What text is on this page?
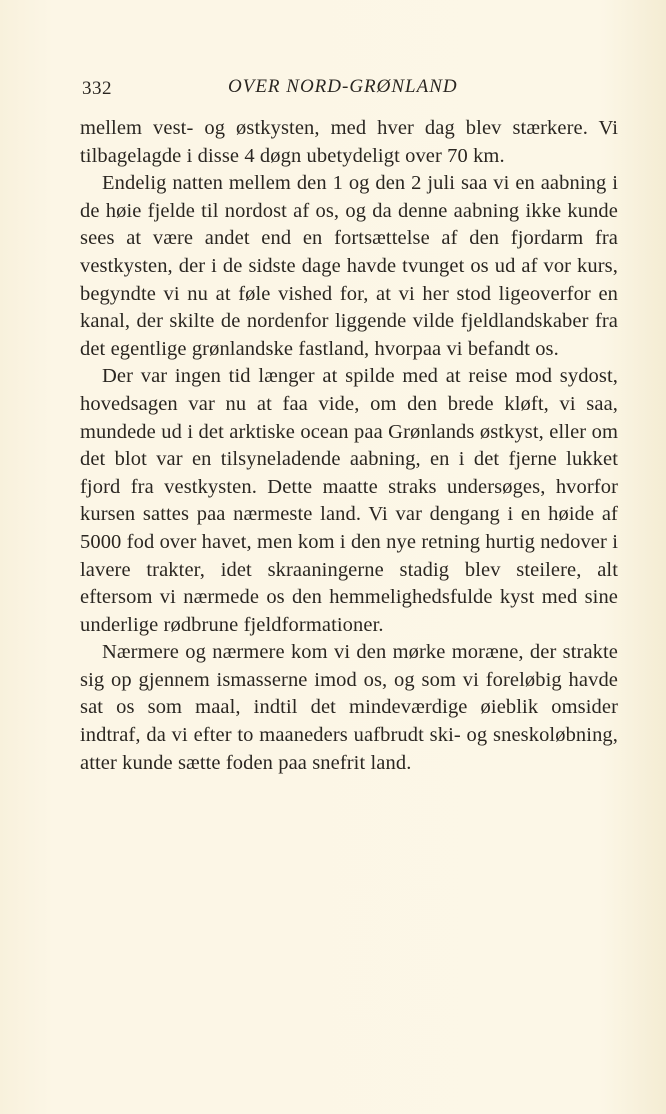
332	OVER NORD-GRØNLAND

mellem vest- og østkysten, med hver dag blev stærkere. Vi tilbagelagde i disse 4 døgn ubetydeligt over 70 km.

Endelig natten mellem den 1 og den 2 juli saa vi en aabning i de høie fjelde til nordost af os, og da denne aabning ikke kunde sees at være andet end en fortsættelse af den fjordarm fra vestkysten, der i de sidste dage havde tvunget os ud af vor kurs, begyndte vi nu at føle vished for, at vi her stod ligeoverfor en kanal, der skilte de nordenfor liggende vilde fjeldlandskaber fra det egentlige grønlandske fastland, hvorpaa vi befandt os.

Der var ingen tid længer at spilde med at reise mod sydost, hovedsagen var nu at faa vide, om den brede kløft, vi saa, mundede ud i det arktiske ocean paa Grønlands østkyst, eller om det blot var en tilsyneladende aabning, en i det fjerne lukket fjord fra vestkysten. Dette maatte straks undersøges, hvorfor kursen sattes paa nærmeste land. Vi var dengang i en høide af 5000 fod over havet, men kom i den nye retning hurtig nedover i lavere trakter, idet skraaningerne stadig blev steilere, alt eftersom vi nærmede os den hemmelighedsfulde kyst med sine underlige rødbrune fjeldformationer.

Nærmere og nærmere kom vi den mørke moræne, der strakte sig op gjennem ismasserne imod os, og som vi foreløbig havde sat os som maal, indtil det mindeværdige øieblik omsider indtraf, da vi efter to maaneders uafbrudt ski- og sneskoløbning, atter kunde sætte foden paa snefrit land.
